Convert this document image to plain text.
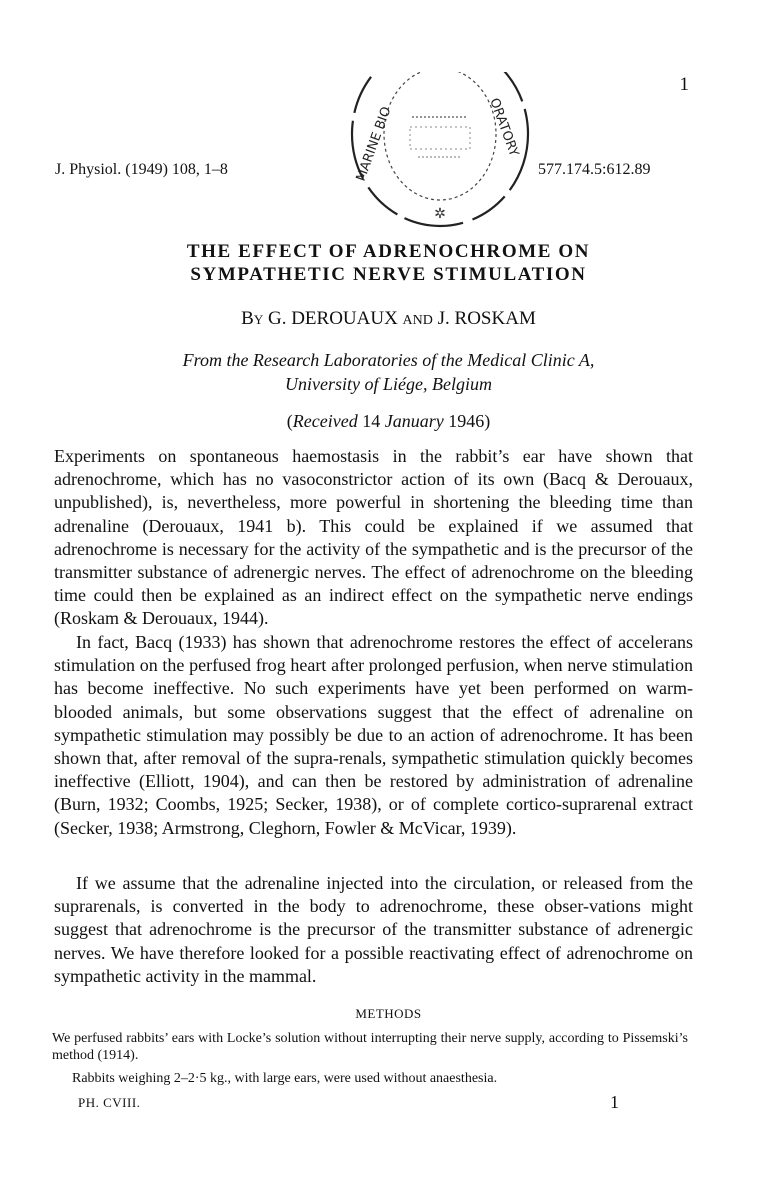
1
J. Physiol. (1949) 108, 1–8	577.174.5:612.89
✲
MARINE BIO	ORATORY
THE EFFECT OF ADRENOCHROME ON
SYMPATHETIC NERVE STIMULATION
By G. DEROUAUX AND J. ROSKAM
From the Research Laboratories of the Medical Clinic A,
University of Liége, Belgium
(Received 14 January 1946)

Experiments on spontaneous haemostasis in the rabbit’s ear have shown that adrenochrome, which has no vasoconstrictor action of its own (Bacq & Derouaux, unpublished), is, nevertheless, more powerful in shortening the bleeding time than adrenaline (Derouaux, 1941 b). This could be explained if we assumed that adrenochrome is necessary for the activity of the sympathetic and is the precursor of the transmitter substance of adrenergic nerves. The effect of adrenochrome on the bleeding time could then be explained as an indirect effect on the sympathetic nerve endings (Roskam & Derouaux, 1944).

In fact, Bacq (1933) has shown that adrenochrome restores the effect of accelerans stimulation on the perfused frog heart after prolonged perfusion, when nerve stimulation has become ineffective. No such experiments have yet been performed on warm-blooded animals, but some observations suggest that the effect of adrenaline on sympathetic stimulation may possibly be due to an action of adrenochrome. It has been shown that, after removal of the supra-renals, sympathetic stimulation quickly becomes ineffective (Elliott, 1904), and can then be restored by administration of adrenaline (Burn, 1932; Coombs, 1925; Secker, 1938), or of complete cortico-suprarenal extract (Secker, 1938; Armstrong, Cleghorn, Fowler & McVicar, 1939).

If we assume that the adrenaline injected into the circulation, or released from the suprarenals, is converted in the body to adrenochrome, these obser-vations might suggest that adrenochrome is the precursor of the transmitter substance of adrenergic nerves. We have therefore looked for a possible reactivating effect of adrenochrome on sympathetic activity in the mammal.

METHODS
We perfused rabbits’ ears with Locke’s solution without interrupting their nerve supply, according to Pissemski’s method (1914).
Rabbits weighing 2–2·5 kg., with large ears, were used without anaesthesia.
PH. CVIII.	1
